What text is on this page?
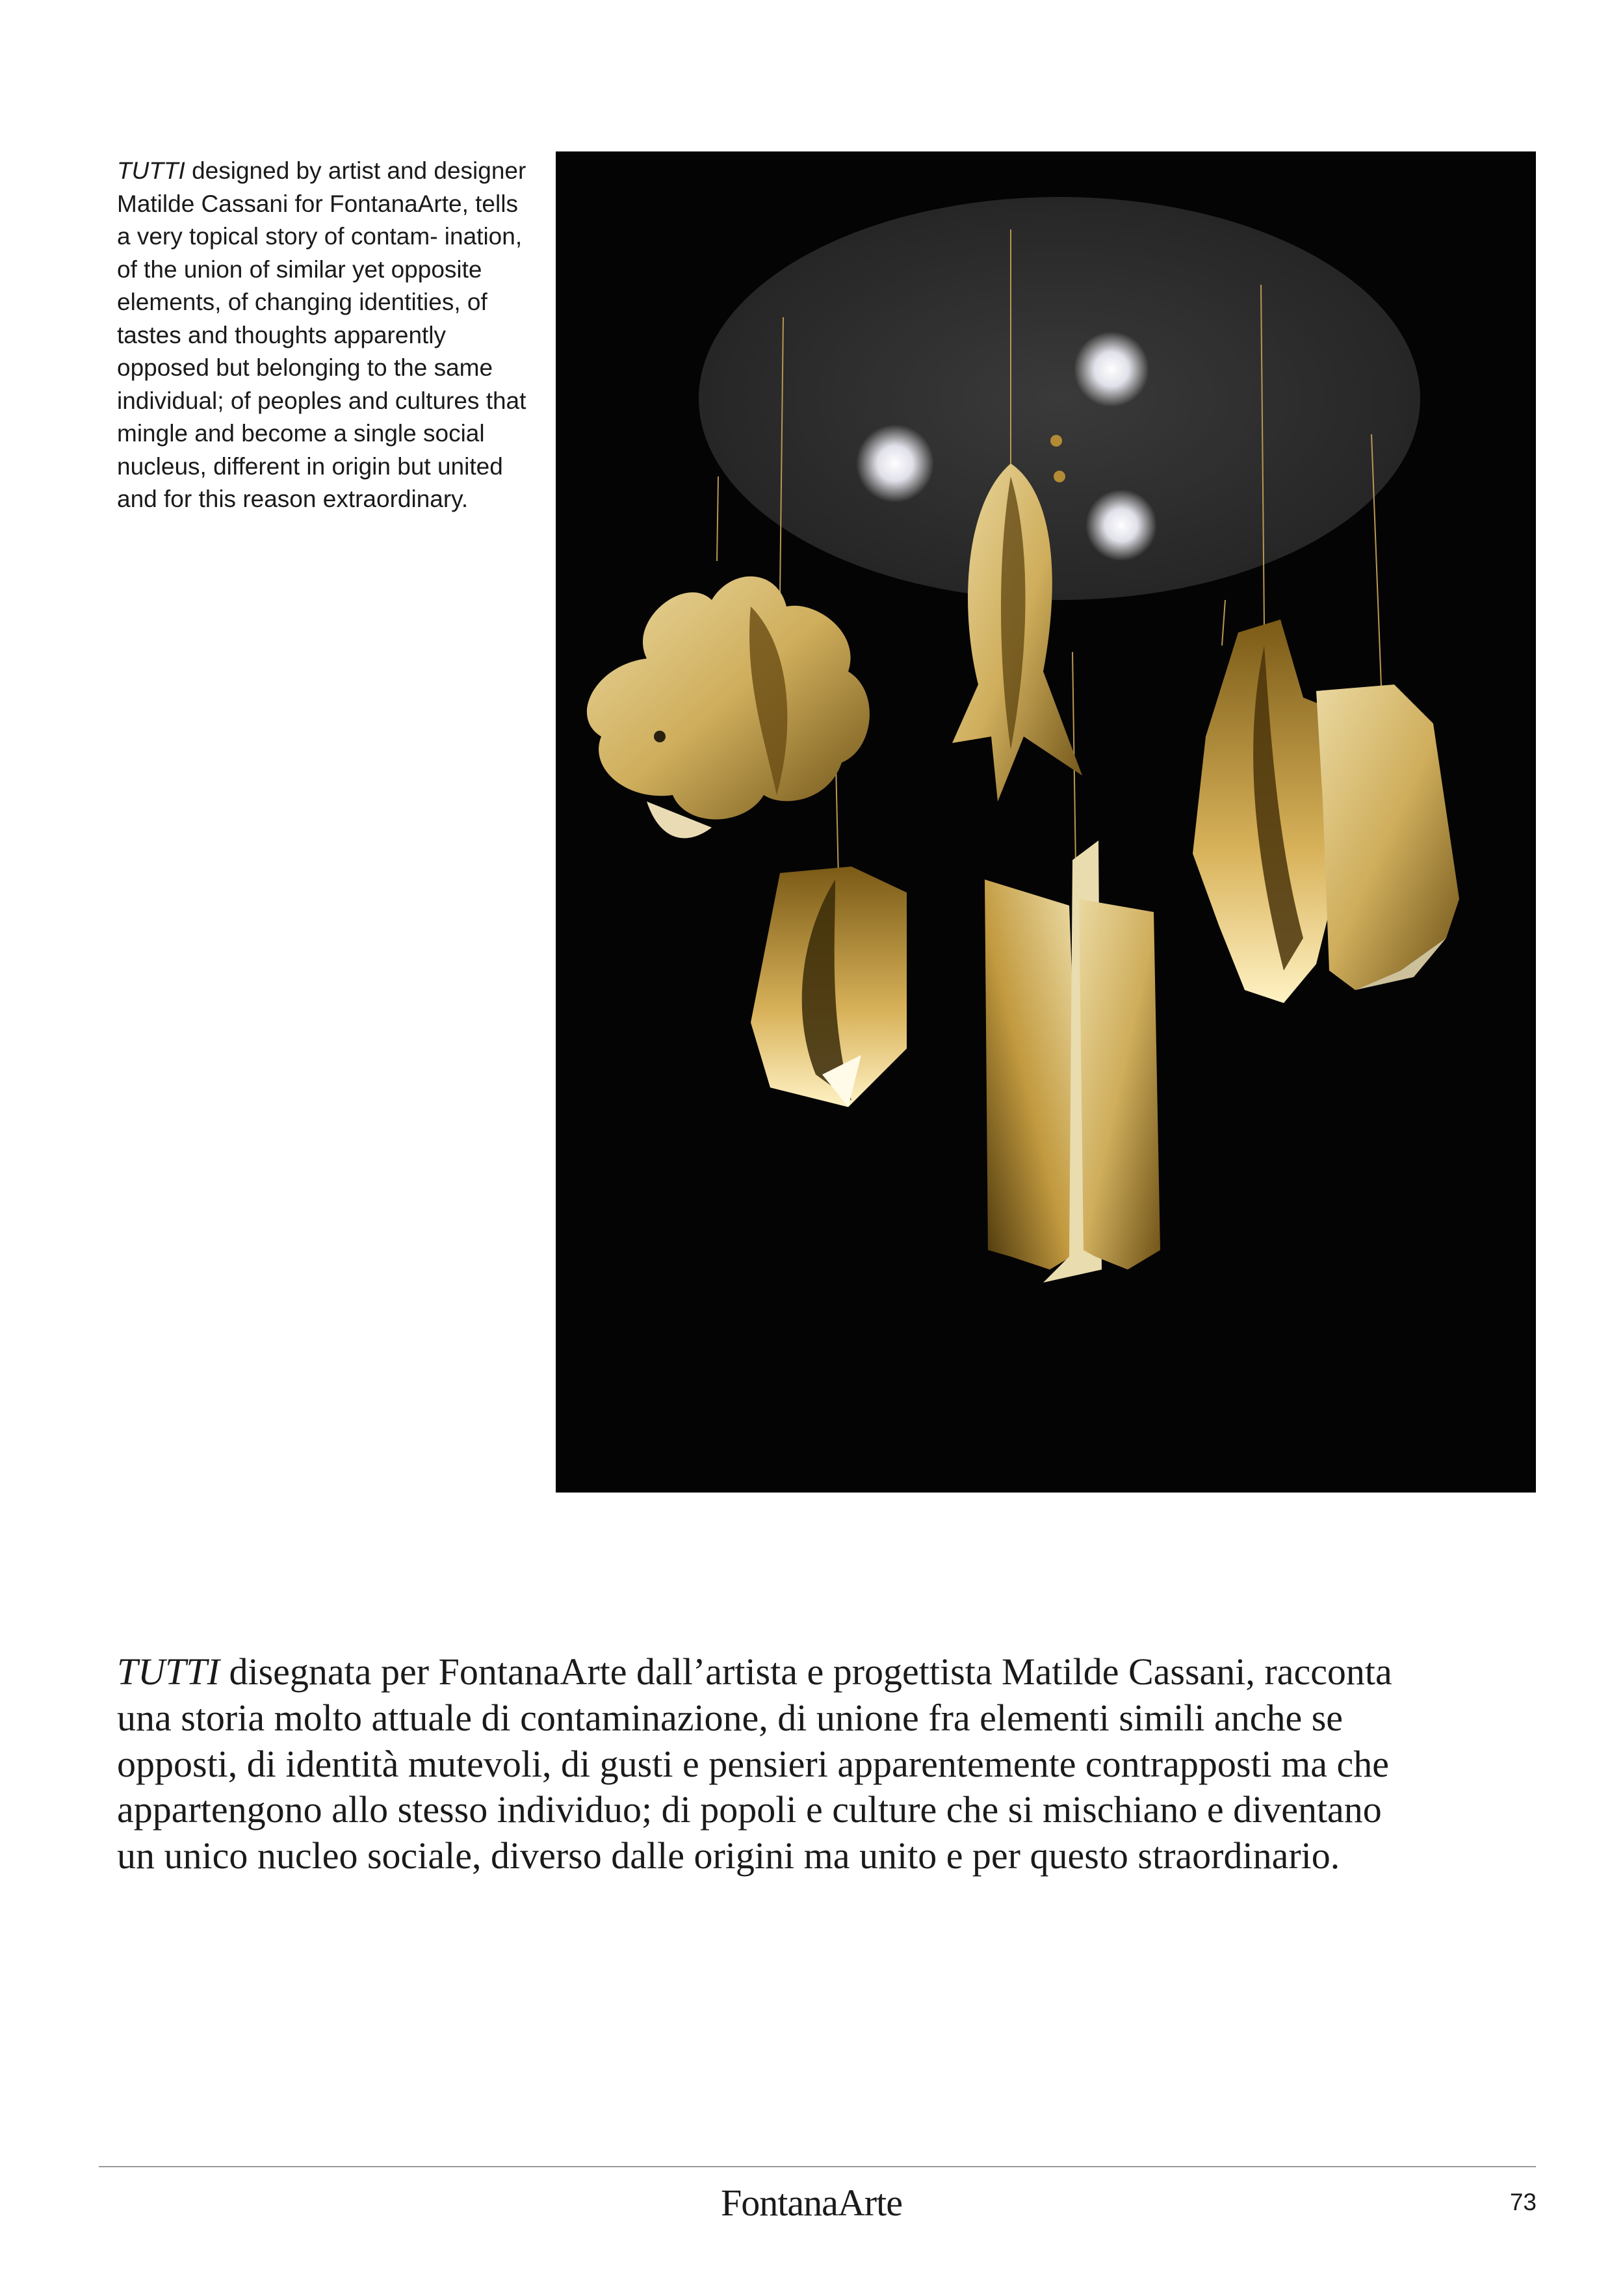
TUTTI designed by artist and designer Matilde Cassani for FontanaArte, tells a very topical story of contam- ination, of the union of similar yet opposite elements, of changing identities, of tastes and thoughts apparently opposed but belonging to the same individual; of peoples and cultures that mingle and become a single social nucleus, different in origin but united and for this reason extraordinary.
TUTTI disegnata per FontanaArte dall’artista e progettista Matilde Cassani, racconta una storia molto attuale di contaminazione, di unione fra elementi simili anche se opposti, di identità mutevoli, di gusti e pensieri apparentemente contrapposti ma che appartengono allo stesso individuo; di popoli e culture che si mischiano e diventano un unico nucleo sociale, diverso dalle origini ma unito e per questo straordinario.
FontanaArte	73
